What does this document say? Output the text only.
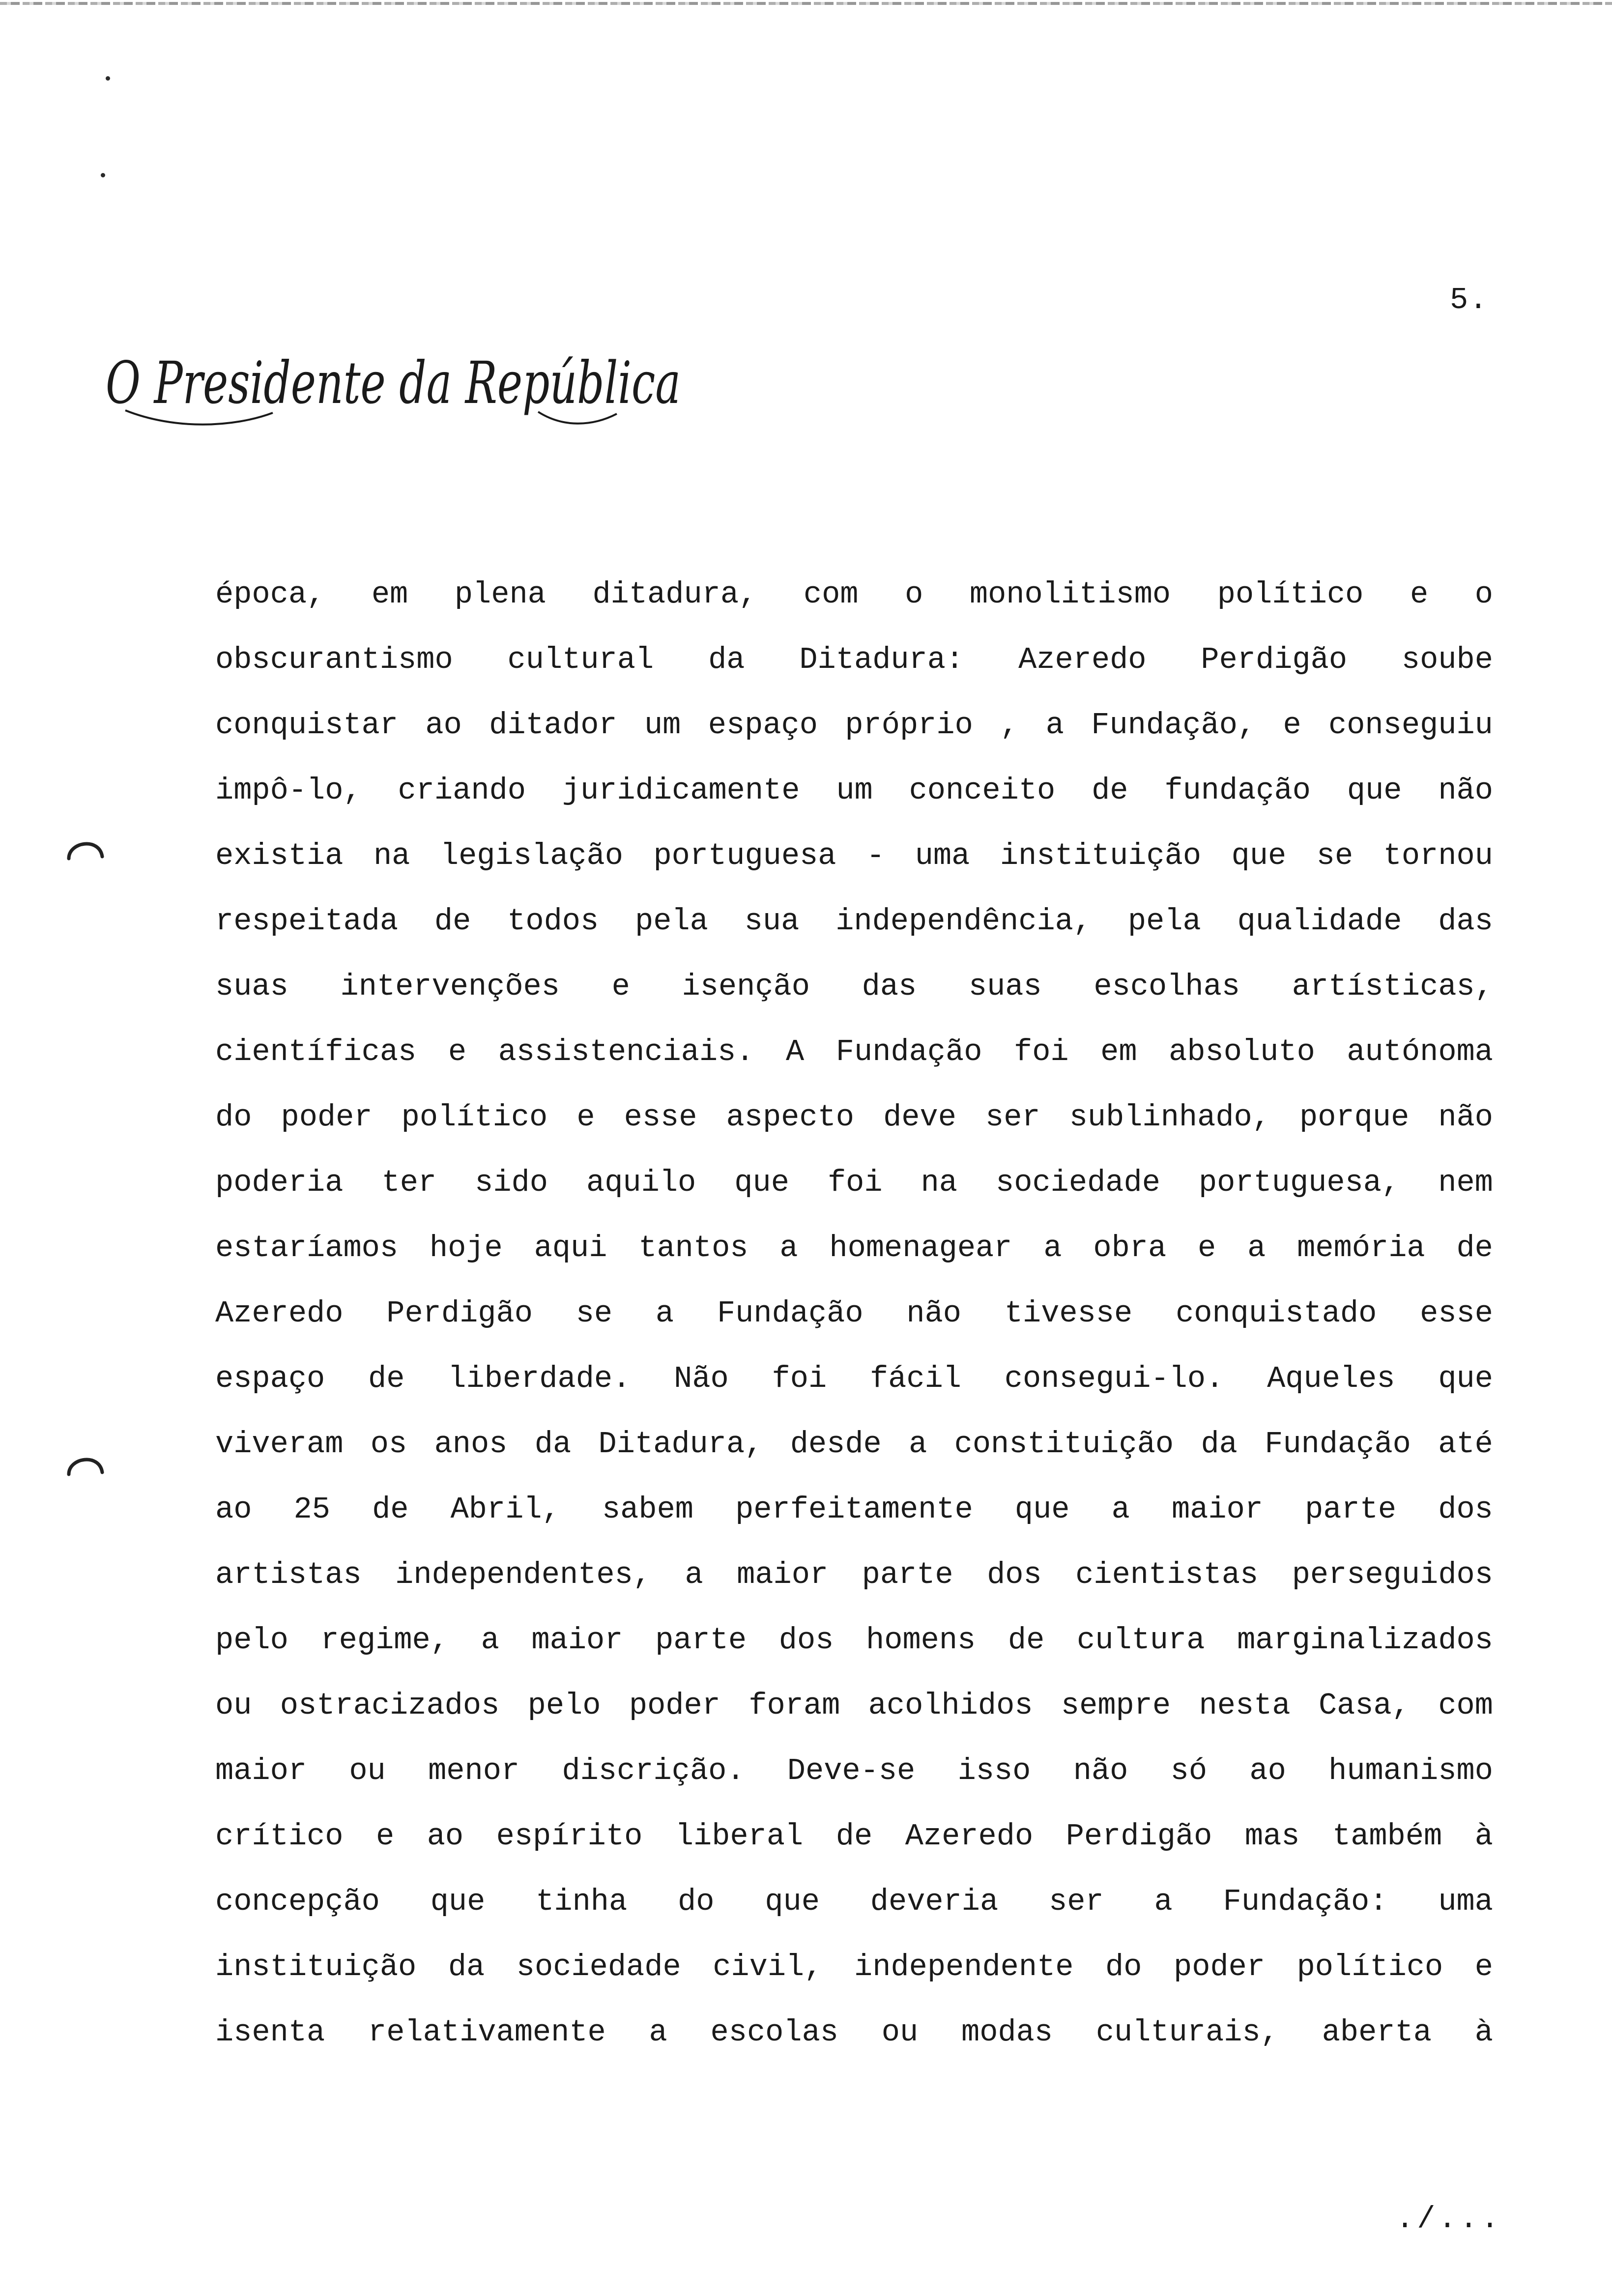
5.
O Presidente da República
época, em plena ditadura, com o monolitismo político e o
obscurantismo cultural da Ditadura: Azeredo Perdigão soube
conquistar ao ditador um espaço próprio , a Fundação, e conseguiu
impô-lo, criando juridicamente um conceito de fundação que não
existia na legislação portuguesa - uma instituição que se tornou
respeitada de todos pela sua independência, pela qualidade das
suas intervenções e isenção das suas escolhas artísticas,
científicas e assistenciais. A Fundação foi em absoluto autónoma
do poder político e esse aspecto deve ser sublinhado, porque não
poderia ter sido aquilo que foi na sociedade portuguesa, nem
estaríamos hoje aqui tantos a homenagear a obra e a memória de
Azeredo Perdigão se a Fundação não tivesse conquistado esse
espaço de liberdade. Não foi fácil consegui-lo. Aqueles que
viveram os anos da Ditadura, desde a constituição da Fundação até
ao 25 de Abril, sabem perfeitamente que a maior parte dos
artistas independentes, a maior parte dos cientistas perseguidos
pelo regime, a maior parte dos homens de cultura marginalizados
ou ostracizados pelo poder foram acolhidos sempre nesta Casa, com
maior ou menor discrição. Deve-se isso não só ao humanismo
crítico e ao espírito liberal de Azeredo Perdigão mas também à
concepção que tinha do que deveria ser a Fundação: uma
instituição da sociedade civil, independente do poder político e
isenta relativamente a escolas ou modas culturais, aberta à
./...
